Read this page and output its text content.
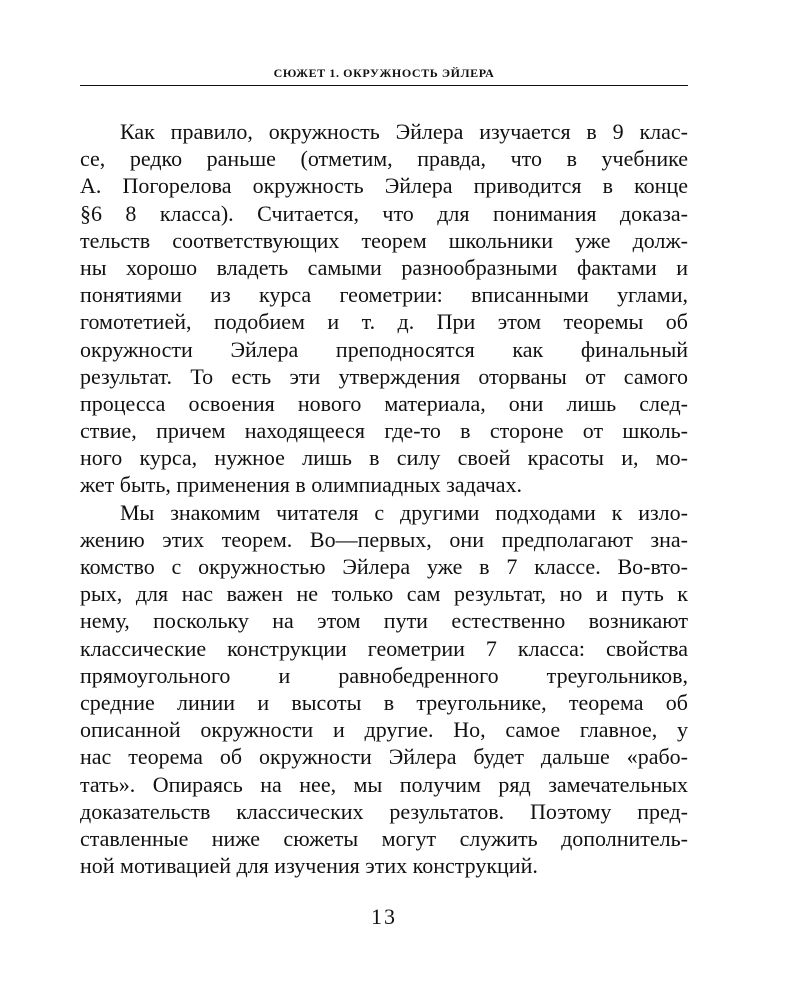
СЮЖЕТ 1. ОКРУЖНОСТЬ ЭЙЛЕРА
Как правило, окружность Эйлера изучается в 9 клас-
се, редко раньше (отметим, правда, что в учебнике
А. Погорелова окружность Эйлера приводится в конце
§6 8 класса). Считается, что для понимания доказа-
тельств соответствующих теорем школьники уже долж-
ны хорошо владеть самыми разнообразными фактами и
понятиями из курса геометрии: вписанными углами,
гомотетией, подобием и т. д. При этом теоремы об
окружности Эйлера преподносятся как финальный
результат. То есть эти утверждения оторваны от самого
процесса освоения нового материала, они лишь след-
ствие, причем находящееся где-то в стороне от школь-
ного курса, нужное лишь в силу своей красоты и, мо-
жет быть, применения в олимпиадных задачах.
Мы знакомим читателя с другими подходами к изло-
жению этих теорем. Во—первых, они предполагают зна-
комство с окружностью Эйлера уже в 7 классе. Во-вто-
рых, для нас важен не только сам результат, но и путь к
нему, поскольку на этом пути естественно возникают
классические конструкции геометрии 7 класса: свойства
прямоугольного и равнобедренного треугольников,
средние линии и высоты в треугольнике, теорема об
описанной окружности и другие. Но, самое главное, у
нас теорема об окружности Эйлера будет дальше «рабо-
тать». Опираясь на нее, мы получим ряд замечательных
доказательств классических результатов. Поэтому пред-
ставленные ниже сюжеты могут служить дополнитель-
ной мотивацией для изучения этих конструкций.
13
